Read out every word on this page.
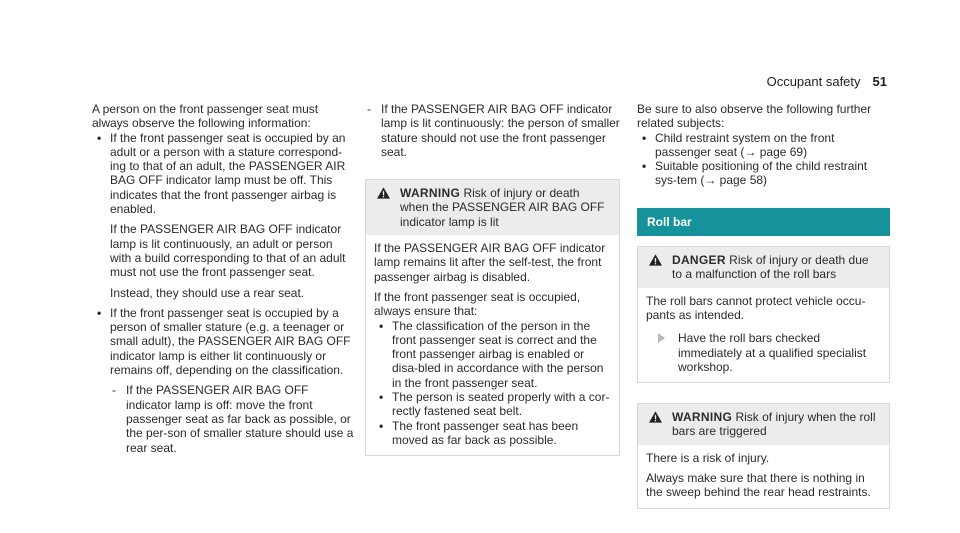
Occupant safety 51

A person on the front passenger seat must always observe the following information:

• If the front passenger seat is occupied by an adult or a person with a stature correspond-ing to that of an adult, the PASSENGER AIR BAG OFF indicator lamp must be off. This indicates that the front passenger airbag is enabled.

If the PASSENGER AIR BAG OFF indicator lamp is lit continuously, an adult or person with a build corresponding to that of an adult must not use the front passenger seat.

Instead, they should use a rear seat.

• If the front passenger seat is occupied by a person of smaller stature (e.g. a teenager or small adult), the PASSENGER AIR BAG OFF indicator lamp is either lit continuously or remains off, depending on the classification.

- If the PASSENGER AIR BAG OFF indicator lamp is off: move the front passenger seat as far back as possible, or the per-son of smaller stature should use a rear seat.

- If the PASSENGER AIR BAG OFF indicator lamp is lit continuously: the person of smaller stature should not use the front passenger seat.

WARNING Risk of injury or death when the PASSENGER AIR BAG OFF indicator lamp is lit

If the PASSENGER AIR BAG OFF indicator lamp remains lit after the self-test, the front passenger airbag is disabled.

If the front passenger seat is occupied, always ensure that:

• The classification of the person in the front passenger seat is correct and the front passenger airbag is enabled or disa-bled in accordance with the person in the front passenger seat.

• The person is seated properly with a cor-rectly fastened seat belt.

• The front passenger seat has been moved as far back as possible.

Be sure to also observe the following further related subjects:

• Child restraint system on the front passenger seat (→ page 69)

• Suitable positioning of the child restraint sys-tem (→ page 58)

Roll bar
DANGER Risk of injury or death due to a malfunction of the roll bars

The roll bars cannot protect vehicle occu-pants as intended.

Have the roll bars checked immediately at a qualified specialist workshop.

WARNING Risk of injury when the roll bars are triggered

There is a risk of injury.

Always make sure that there is nothing in the sweep behind the rear head restraints.
